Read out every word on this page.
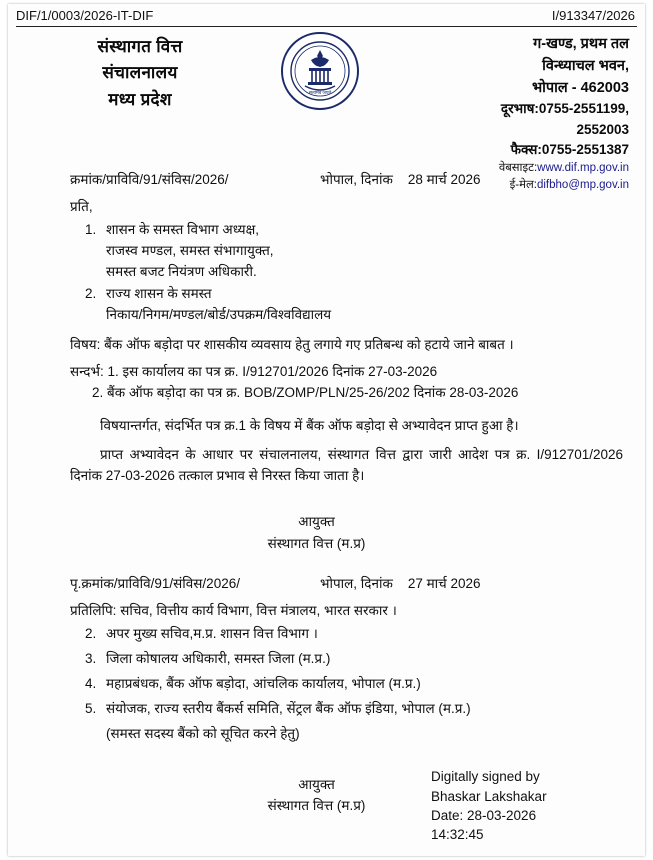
DIF/1/0003/2026-IT-DIF	I/913347/2026
संस्थागत वित्त
संचालनालय
मध्य प्रदेश	सत्यमेव जयते
ग-खण्ड, प्रथम तल
विन्ध्याचल भवन,
भोपाल - 462003
दूरभाष:0755-2551199,
2552003
फैक्स:0755-2551387
वेबसाइट:www.dif.mp.gov.in
ई-मेल:difbho@mp.gov.in
क्रमांक/प्राविवि/91/संविस/2026/	भोपाल, दिनांक 28 मार्च 2026
प्रति,
1. शासन के समस्त विभाग अध्यक्ष,
राजस्व मण्डल, समस्त संभागायुक्त,
समस्त बजट नियंत्रण अधिकारी.
2. राज्य शासन के समस्त
निकाय/निगम/मण्डल/बोर्ड/उपक्रम/विश्वविद्यालय
विषय: बैंक ऑफ बड़ोदा पर शासकीय व्यवसाय हेतु लगाये गए प्रतिबन्ध को हटाये जाने बाबत ।
सन्दर्भ: 1. इस कार्यालय का पत्र क्र. I/912701/2026 दिनांक 27-03-2026
2. बैंक ऑफ बड़ोदा का पत्र क्र. BOB/ZOMP/PLN/25-26/202 दिनांक 28-03-2026
विषयान्तर्गत, संदर्भित पत्र क्र.1 के विषय में बैंक ऑफ बड़ोदा से अभ्यावेदन प्राप्त हुआ है।
प्राप्त अभ्यावेदन के आधार पर संचालनालय, संस्थागत वित्त द्वारा जारी आदेश पत्र क्र. I/912701/2026 दिनांक 27-03-2026 तत्काल प्रभाव से निरस्त किया जाता है।
आयुक्त
संस्थागत वित्त (म.प्र)
पृ.क्रमांक/प्राविवि/91/संविस/2026/	भोपाल, दिनांक 27 मार्च 2026
प्रतिलिपि: सचिव, वित्तीय कार्य विभाग, वित्त मंत्रालय, भारत सरकार ।
2. अपर मुख्य सचिव,म.प्र. शासन वित्त विभाग ।
3. जिला कोषालय अधिकारी, समस्त जिला (म.प्र.)
4. महाप्रबंधक, बैंक ऑफ बड़ोदा, आंचलिक कार्यालय, भोपाल (म.प्र.)
5. संयोजक, राज्य स्तरीय बैंकर्स समिति, सेंट्रल बैंक ऑफ इंडिया, भोपाल (म.प्र.)
(समस्त सदस्य बैंको को सूचित करने हेतु)
आयुक्त
संस्थागत वित्त (म.प्र)
Digitally signed by
Bhaskar Lakshakar
Date: 28-03-2026
14:32:45
